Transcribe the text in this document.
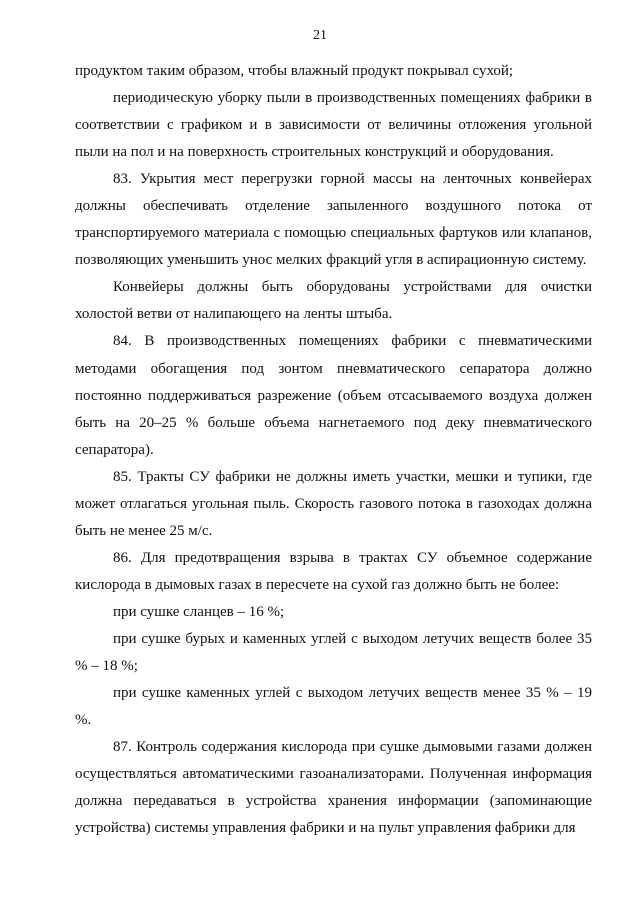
21

продуктом таким образом, чтобы влажный продукт покрывал сухой;

периодическую уборку пыли в производственных помещениях фабрики в соответствии с графиком и в зависимости от величины отложения угольной пыли на пол и на поверхность строительных конструкций и оборудования.

83. Укрытия мест перегрузки горной массы на ленточных конвейерах должны обеспечивать отделение запыленного воздушного потока от транспортируемого материала с помощью специальных фартуков или клапанов, позволяющих уменьшить унос мелких фракций угля в аспирационную систему.

Конвейеры должны быть оборудованы устройствами для очистки холостой ветви от налипающего на ленты штыба.

84. В производственных помещениях фабрики с пневматическими методами обогащения под зонтом пневматического сепаратора должно постоянно поддерживаться разрежение (объем отсасываемого воздуха должен быть на 20–25 % больше объема нагнетаемого под деку пневматического сепаратора).

85. Тракты СУ фабрики не должны иметь участки, мешки и тупики, где может отлагаться угольная пыль. Скорость газового потока в газоходах должна быть не менее 25 м/с.

86. Для предотвращения взрыва в трактах СУ объемное содержание кислорода в дымовых газах в пересчете на сухой газ должно быть не более:

при сушке сланцев – 16 %;

при сушке бурых и каменных углей с выходом летучих веществ более 35 % – 18 %;

при сушке каменных углей с выходом летучих веществ менее 35 % – 19 %.

87. Контроль содержания кислорода при сушке дымовыми газами должен осуществляться автоматическими газоанализаторами. Полученная информация должна передаваться в устройства хранения информации (запоминающие устройства) системы управления фабрики и на пульт управления фабрики для
